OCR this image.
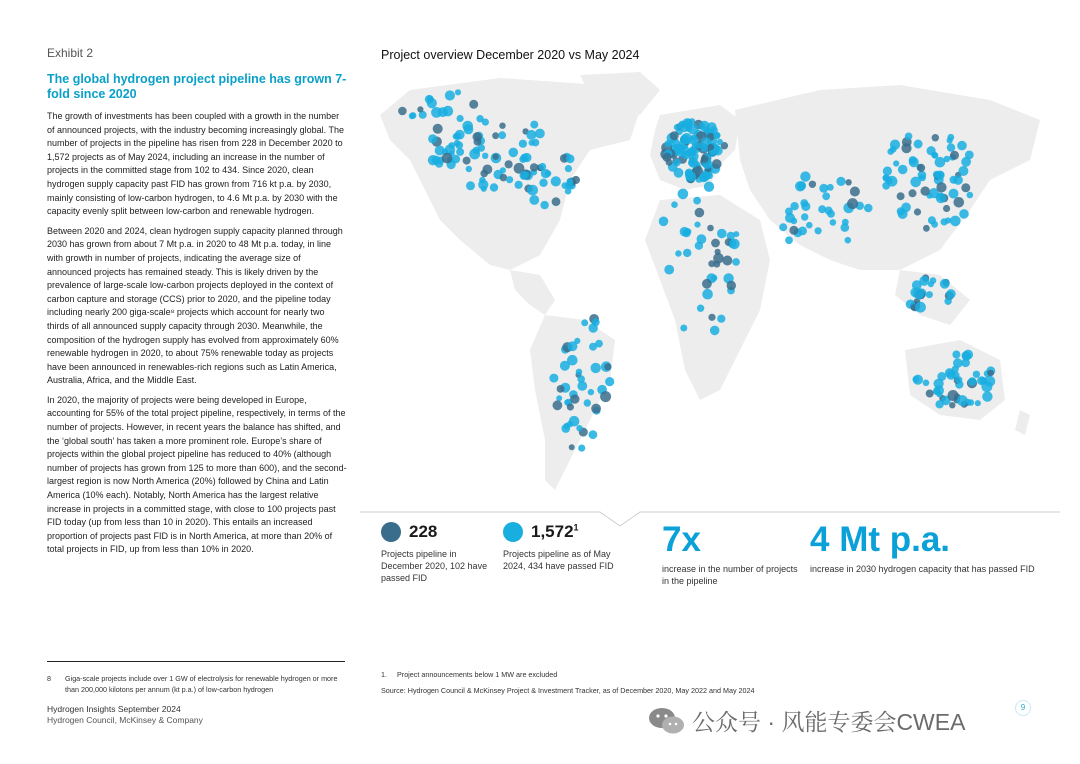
Exhibit 2
The global hydrogen project pipeline has grown 7-fold since 2020

The growth of investments has been coupled with a growth in the number of announced projects, with the industry becoming increasingly global. The number of projects in the pipeline has risen from 228 in December 2020 to 1,572 projects as of May 2024, including an increase in the number of projects in the committed stage from 102 to 434. Since 2020, clean hydrogen supply capacity past FID has grown from 716 kt p.a. by 2030, mainly consisting of low-carbon hydrogen, to 4.6 Mt p.a. by 2030 with the capacity evenly split between low-carbon and renewable hydrogen.

Between 2020 and 2024, clean hydrogen supply capacity planned through 2030 has grown from about 7 Mt p.a. in 2020 to 48 Mt p.a. today, in line with growth in number of projects, indicating the average size of announced projects has remained steady. This is likely driven by the prevalence of large-scale low-carbon projects deployed in the context of carbon capture and storage (CCS) prior to 2020, and the pipeline today including nearly 200 giga-scale⁸ projects which account for nearly two thirds of all announced supply capacity through 2030. Meanwhile, the composition of the hydrogen supply has evolved from approximately 60% renewable hydrogen in 2020, to about 75% renewable today as projects have been announced in renewables-rich regions such as Latin America, Australia, Africa, and the Middle East.

In 2020, the majority of projects were being developed in Europe, accounting for 55% of the total project pipeline, respectively, in terms of the number of projects. However, in recent years the balance has shifted, and the ‘global south’ has taken a more prominent role. Europe’s share of projects within the global project pipeline has reduced to 40% (although number of projects has grown from 125 to more than 600), and the second-largest region is now North America (20%) followed by China and Latin America (10% each). Notably, North America has the largest relative increase in projects in a committed stage, with close to 100 projects past FID today (up from less than 10 in 2020). This entails an increased proportion of projects past FID is in North America, at more than 20% of total projects in FID, up from less than 10% in 2020.

8	Giga-scale projects include over 1 GW of electrolysis for renewable hydrogen or more than 200,000 kilotons per annum (kt p.a.) of low-carbon hydrogen
Hydrogen Insights September 2024
Hydrogen Council, McKinsey & Company
Project overview December 2020 vs May 2024
228
Projects pipeline in December 2020, 102 have passed FID
1,572$^1$
Projects pipeline as of May 2024, 434 have passed FID
7x
increase in the number of projects in the pipeline
4 Mt p.a.
increase in 2030 hydrogen capacity that has passed FID
1.	Project announcements below 1 MW are excluded
Source: Hydrogen Council & McKinsey Project & Investment Tracker, as of December 2020, May 2022 and May 2024
公众号 · 风能专委会CWEA
9
